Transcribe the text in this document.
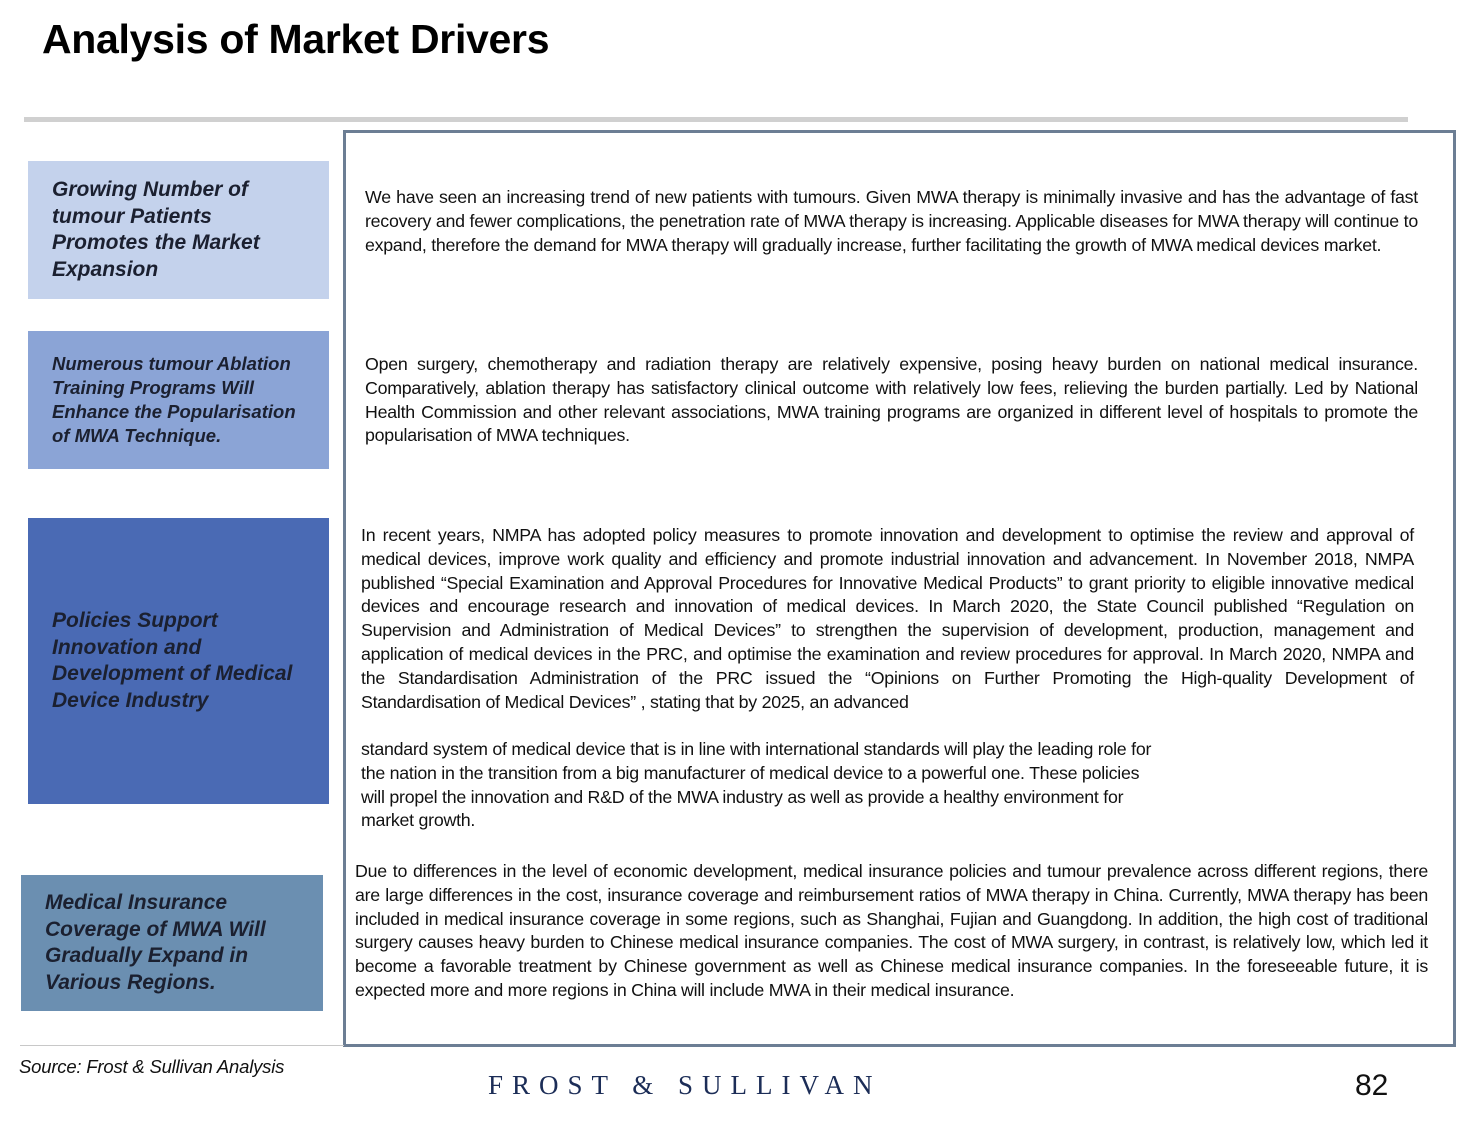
Analysis of Market Drivers
Growing Number of tumour Patients Promotes the Market Expansion
Numerous tumour Ablation Training Programs Will Enhance the Popularisation of MWA Technique.
Policies Support Innovation and Development of Medical Device Industry
Medical Insurance Coverage of MWA Will Gradually Expand in Various Regions.

We have seen an increasing trend of new patients with tumours. Given MWA therapy is minimally invasive and has the advantage of fast recovery and fewer complications, the penetration rate of MWA therapy is increasing. Applicable diseases for MWA therapy will continue to expand, therefore the demand for MWA therapy will gradually increase, further facilitating the growth of MWA medical devices market.

Open surgery, chemotherapy and radiation therapy are relatively expensive, posing heavy burden on national medical insurance. Comparatively, ablation therapy has satisfactory clinical outcome with relatively low fees, relieving the burden partially. Led by National Health Commission and other relevant associations, MWA training programs are organized in different level of hospitals to promote the popularisation of MWA techniques.

In recent years, NMPA has adopted policy measures to promote innovation and development to optimise the review and approval of medical devices, improve work quality and efficiency and promote industrial innovation and advancement. In November 2018, NMPA published “Special Examination and Approval Procedures for Innovative Medical Products” to grant priority to eligible innovative medical devices and encourage research and innovation of medical devices. In March 2020, the State Council published “Regulation on Supervision and Administration of Medical Devices” to strengthen the supervision of development, production, management and application of medical devices in the PRC, and optimise the examination and review procedures for approval. In March 2020, NMPA and the Standardisation Administration of the PRC issued the “Opinions on Further Promoting the High-quality Development of Standardisation of Medical Devices” , stating that by 2025, an advanced

standard system of medical device that is in line with international standards will play the leading role for the nation in the transition from a big manufacturer of medical device to a powerful one. These policies will propel the innovation and R&D of the MWA industry as well as provide a healthy environment for market growth.

Due to differences in the level of economic development, medical insurance policies and tumour prevalence across different regions, there are large differences in the cost, insurance coverage and reimbursement ratios of MWA therapy in China. Currently, MWA therapy has been included in medical insurance coverage in some regions, such as Shanghai, Fujian and Guangdong. In addition, the high cost of traditional surgery causes heavy burden to Chinese medical insurance companies. The cost of MWA surgery, in contrast, is relatively low, which led it become a favorable treatment by Chinese government as well as Chinese medical insurance companies. In the foreseeable future, it is expected more and more regions in China will include MWA in their medical insurance.

Source: Frost & Sullivan Analysis
FROST & SULLIVAN	82
